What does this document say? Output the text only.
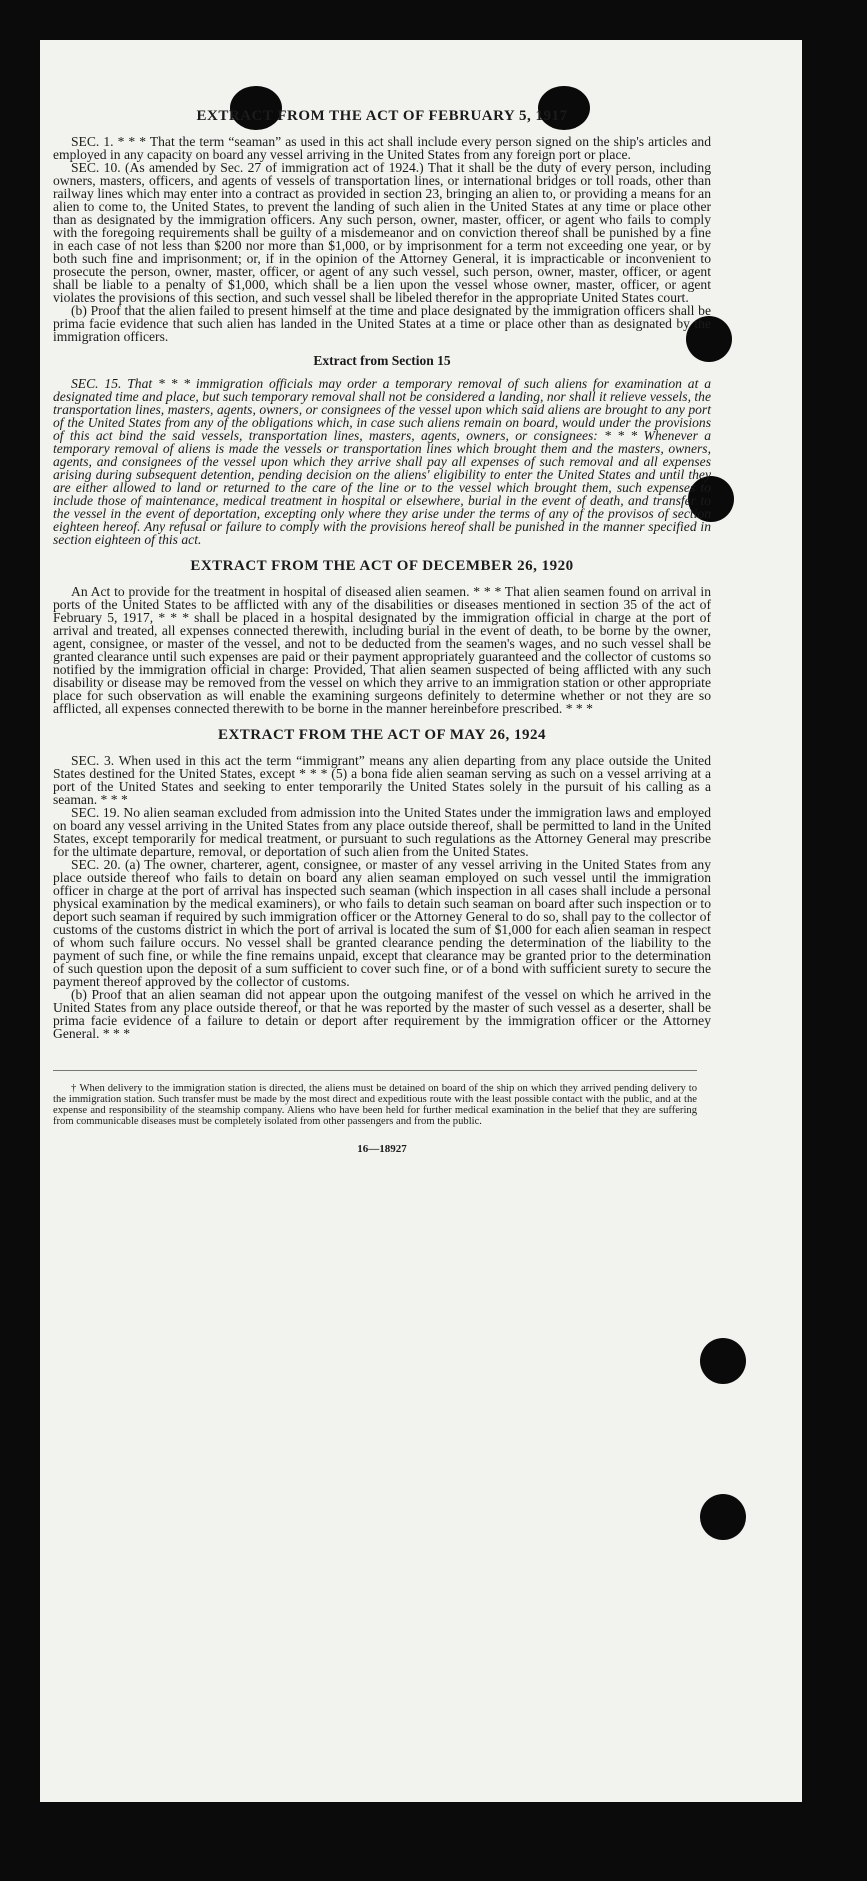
EXTRACT FROM THE ACT OF FEBRUARY 5, 1917

SEC. 1. * * * That the term “seaman” as used in this act shall include every person signed on the ship's articles and employed in any capacity on board any vessel arriving in the United States from any foreign port or place.

SEC. 10. (As amended by Sec. 27 of immigration act of 1924.) That it shall be the duty of every person, including owners, masters, officers, and agents of vessels of transportation lines, or international bridges or toll roads, other than railway lines which may enter into a contract as provided in section 23, bringing an alien to, or providing a means for an alien to come to, the United States, to prevent the landing of such alien in the United States at any time or place other than as designated by the immigration officers. Any such person, owner, master, officer, or agent who fails to comply with the foregoing requirements shall be guilty of a misdemeanor and on conviction thereof shall be punished by a fine in each case of not less than $200 nor more than $1,000, or by imprisonment for a term not exceeding one year, or by both such fine and imprisonment; or, if in the opinion of the Attorney General, it is impracticable or inconvenient to prosecute the person, owner, master, officer, or agent of any such vessel, such person, owner, master, officer, or agent shall be liable to a penalty of $1,000, which shall be a lien upon the vessel whose owner, master, officer, or agent violates the provisions of this section, and such vessel shall be libeled therefor in the appropriate United States court.

(b) Proof that the alien failed to present himself at the time and place designated by the immigration officers shall be prima facie evidence that such alien has landed in the United States at a time or place other than as designated by the immigration officers.

Extract from Section 15

SEC. 15. That * * * immigration officials may order a temporary removal of such aliens for examination at a designated time and place, but such temporary removal shall not be considered a landing, nor shall it relieve vessels, the transportation lines, masters, agents, owners, or consignees of the vessel upon which said aliens are brought to any port of the United States from any of the obligations which, in case such aliens remain on board, would under the provisions of this act bind the said vessels, transportation lines, masters, agents, owners, or consignees: * * * Whenever a temporary removal of aliens is made the vessels or transportation lines which brought them and the masters, owners, agents, and consignees of the vessel upon which they arrive shall pay all expenses of such removal and all expenses arising during subsequent detention, pending decision on the aliens' eligibility to enter the United States and until they are either allowed to land or returned to the care of the line or to the vessel which brought them, such expenses to include those of maintenance, medical treatment in hospital or elsewhere, burial in the event of death, and transfer to the vessel in the event of deportation, excepting only where they arise under the terms of any of the provisos of section eighteen hereof. Any refusal or failure to comply with the provisions hereof shall be punished in the manner specified in section eighteen of this act.

EXTRACT FROM THE ACT OF DECEMBER 26, 1920

An Act to provide for the treatment in hospital of diseased alien seamen. * * * That alien seamen found on arrival in ports of the United States to be afflicted with any of the disabilities or diseases mentioned in section 35 of the act of February 5, 1917, * * * shall be placed in a hospital designated by the immigration official in charge at the port of arrival and treated, all expenses connected therewith, including burial in the event of death, to be borne by the owner, agent, consignee, or master of the vessel, and not to be deducted from the seamen's wages, and no such vessel shall be granted clearance until such expenses are paid or their payment appropriately guaranteed and the collector of customs so notified by the immigration official in charge: Provided, That alien seamen suspected of being afflicted with any such disability or disease may be removed from the vessel on which they arrive to an immigration station or other appropriate place for such observation as will enable the examining surgeons definitely to determine whether or not they are so afflicted, all expenses connected therewith to be borne in the manner hereinbefore prescribed. * * *

EXTRACT FROM THE ACT OF MAY 26, 1924

SEC. 3. When used in this act the term “immigrant” means any alien departing from any place outside the United States destined for the United States, except * * * (5) a bona fide alien seaman serving as such on a vessel arriving at a port of the United States and seeking to enter temporarily the United States solely in the pursuit of his calling as a seaman. * * *

SEC. 19. No alien seaman excluded from admission into the United States under the immigration laws and employed on board any vessel arriving in the United States from any place outside thereof, shall be permitted to land in the United States, except temporarily for medical treatment, or pursuant to such regulations as the Attorney General may prescribe for the ultimate departure, removal, or deportation of such alien from the United States.

SEC. 20. (a) The owner, charterer, agent, consignee, or master of any vessel arriving in the United States from any place outside thereof who fails to detain on board any alien seaman employed on such vessel until the immigration officer in charge at the port of arrival has inspected such seaman (which inspection in all cases shall include a personal physical examination by the medical examiners), or who fails to detain such seaman on board after such inspection or to deport such seaman if required by such immigration officer or the Attorney General to do so, shall pay to the collector of customs of the customs district in which the port of arrival is located the sum of $1,000 for each alien seaman in respect of whom such failure occurs. No vessel shall be granted clearance pending the determination of the liability to the payment of such fine, or while the fine remains unpaid, except that clearance may be granted prior to the determination of such question upon the deposit of a sum sufficient to cover such fine, or of a bond with sufficient surety to secure the payment thereof approved by the collector of customs.

(b) Proof that an alien seaman did not appear upon the outgoing manifest of the vessel on which he arrived in the United States from any place outside thereof, or that he was reported by the master of such vessel as a deserter, shall be prima facie evidence of a failure to detain or deport after requirement by the immigration officer or the Attorney General. * * *

† When delivery to the immigration station is directed, the aliens must be detained on board of the ship on which they arrived pending delivery to the immigration station. Such transfer must be made by the most direct and expeditious route with the least possible contact with the public, and at the expense and responsibility of the steamship company. Aliens who have been held for further medical examination in the belief that they are suffering from communicable diseases must be completely isolated from other passengers and from the public.

16—18927
